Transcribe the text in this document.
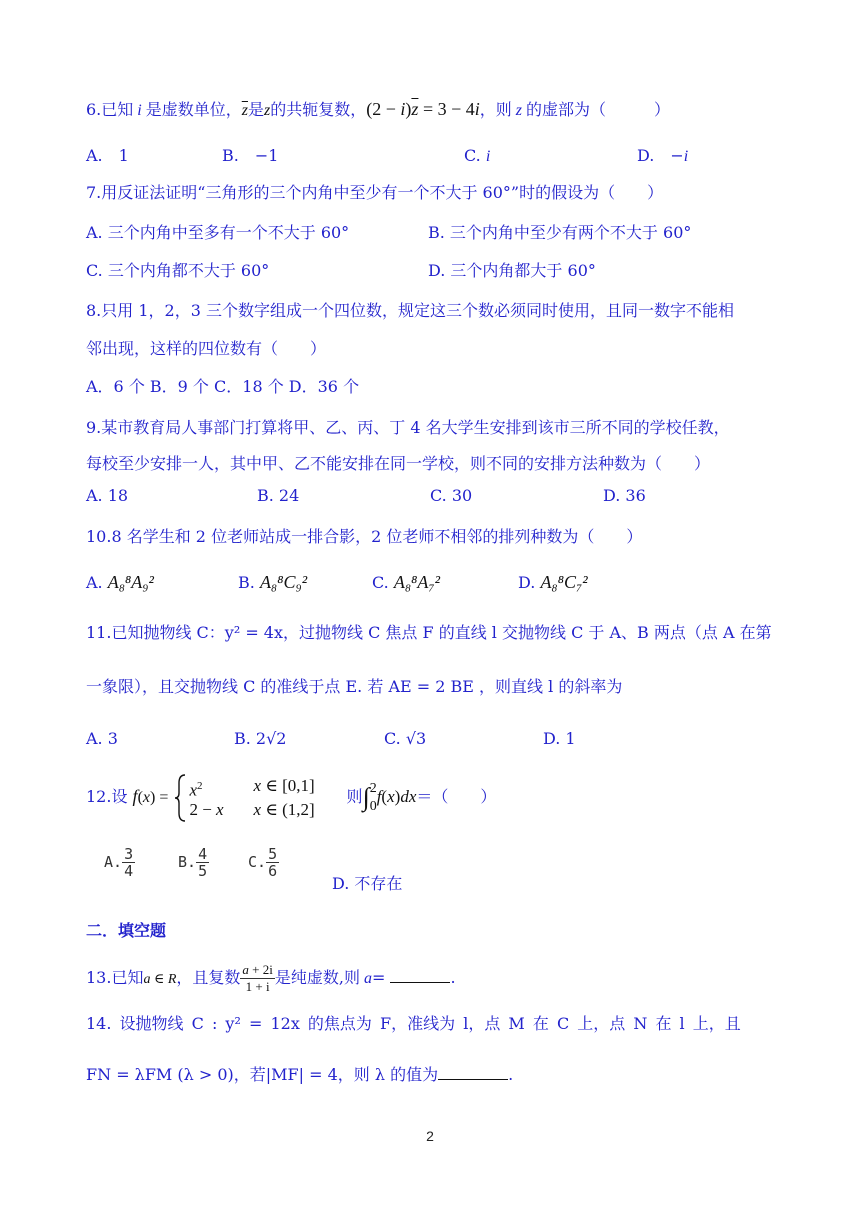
6.已知 i 是虚数单位，$\overline{z}$是z的共轭复数，$(2 - i)\overline{z} = 3 - 4i$，则 z 的虚部为（　　　）
A.　1	B.　−1	C. i	D.　−i
7.用反证法证明“三角形的三个内角中至少有一个不大于 60°”时的假设为（　　）
A. 三个内角中至多有一个不大于 60°	B. 三个内角中至少有两个不大于 60°
C. 三个内角都不大于 60°	D. 三个内角都大于 60°
8.只用 1，2，3 三个数字组成一个四位数，规定这三个数必须同时使用，且同一数字不能相
邻出现，这样的四位数有（　　）
A．6 个 B．9 个 C．18 个 D．36 个
9.某市教育局人事部门打算将甲、乙、丙、丁 4 名大学生安排到该市三所不同的学校任教，
每校至少安排一人，其中甲、乙不能安排在同一学校，则不同的安排方法种数为（　　）
A. 18	B. 24	C. 30	D. 36
10.8 名学生和 2 位老师站成一排合影，2 位老师不相邻的排列种数为（　　）
A. A₈⁸A₉²	B. A₈⁸C₉²	C. A₈⁸A₇²	D. A₈⁸C₇²
11.已知抛物线 C：y² = 4x，过抛物线 C 焦点 F 的直线 l 交抛物线 C 于 A、B 两点（点 A 在第
一象限），且交抛物线 C 的准线于点 E. 若 AE = 2 BE ，则直线 l 的斜率为
A. 3	B. 2√2	C. √3	D. 1
12.设 $f(x) = x^2$	x ∈ [0,1]
2 − x x ∈ (1,2]
则∫ 2
0 f(x)dx＝（　　）
A. $\frac{3}{4}$	B. $\frac{4}{5}$	C. $\frac{5}{6}$
D. 不存在
二．填空题
13.已知a ∈ R，且复数 $\frac{a + 2i}{1 + i}$ 是纯虚数,则 a=	.
14. 设抛物线 C : y² = 12x 的焦点为 F，准线为 l，点 M 在 C 上，点 N 在 l 上，且
FN = λFM (λ > 0)，若|MF| = 4，则 λ 的值为	.
2
